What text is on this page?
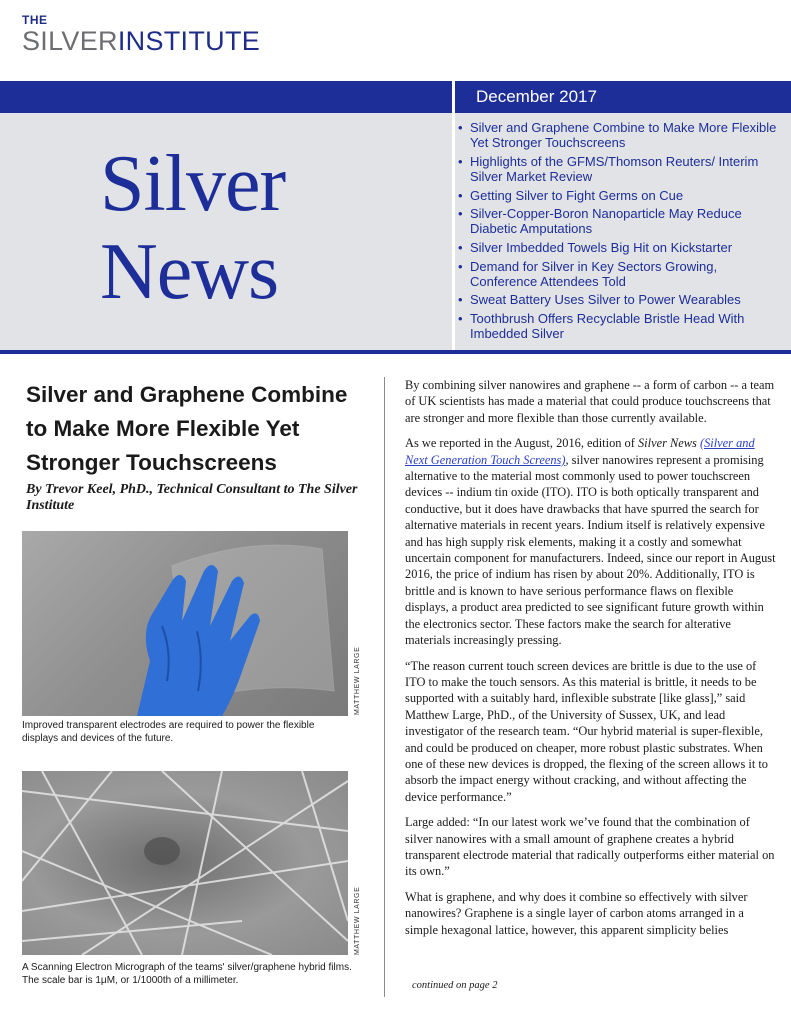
THE
SILVERINSTITUTE
December 2017
Silver
News
• Silver and Graphene Combine to Make More Flexible Yet Stronger Touchscreens
• Highlights of the GFMS/Thomson Reuters/ Interim Silver Market Review
• Getting Silver to Fight Germs on Cue
• Silver-Copper-Boron Nanoparticle May Reduce Diabetic Amputations
• Silver Imbedded Towels Big Hit on Kickstarter
• Demand for Silver in Key Sectors Growing, Conference Attendees Told
• Sweat Battery Uses Silver to Power Wearables
• Toothbrush Offers Recyclable Bristle Head With Imbedded Silver
Silver and Graphene Combine to Make More Flexible Yet Stronger Touchscreens

By Trevor Keel, PhD., Technical Consultant to The Silver Institute

MATTHEW LARGE

Improved transparent electrodes are required to power the flexible displays and devices of the future.

MATTHEW LARGE

A Scanning Electron Micrograph of the teams' silver/graphene hybrid films. The scale bar is 1μM, or 1/1000th of a millimeter.

By combining silver nanowires and graphene -- a form of carbon -- a team of UK scientists has made a material that could produce touchscreens that are stronger and more flexible than those currently available.

As we reported in the August, 2016, edition of Silver News (Silver and Next Generation Touch Screens), silver nanowires represent a promising alternative to the material most commonly used to power touchscreen devices -- indium tin oxide (ITO). ITO is both optically transparent and conductive, but it does have drawbacks that have spurred the search for alternative materials in recent years. Indium itself is relatively expensive and has high supply risk elements, making it a costly and somewhat uncertain component for manufacturers. Indeed, since our report in August 2016, the price of indium has risen by about 20%. Additionally, ITO is brittle and is known to have serious performance flaws on flexible displays, a product area predicted to see significant future growth within the electronics sector. These factors make the search for alterative materials increasingly pressing.

“The reason current touch screen devices are brittle is due to the use of ITO to make the touch sensors. As this material is brittle, it needs to be supported with a suitably hard, inflexible substrate [like glass],” said Matthew Large, PhD., of the University of Sussex, UK, and lead investigator of the research team. “Our hybrid material is super-flexible, and could be produced on cheaper, more robust plastic substrates. When one of these new devices is dropped, the flexing of the screen allows it to absorb the impact energy without cracking, and without affecting the device performance.”

Large added: “In our latest work we’ve found that the combination of silver nanowires with a small amount of graphene creates a hybrid transparent electrode material that radically outperforms either material on its own.”

What is graphene, and why does it combine so effectively with silver nanowires? Graphene is a single layer of carbon atoms arranged in a simple hexagonal lattice, however, this apparent simplicity belies

continued on page 2
